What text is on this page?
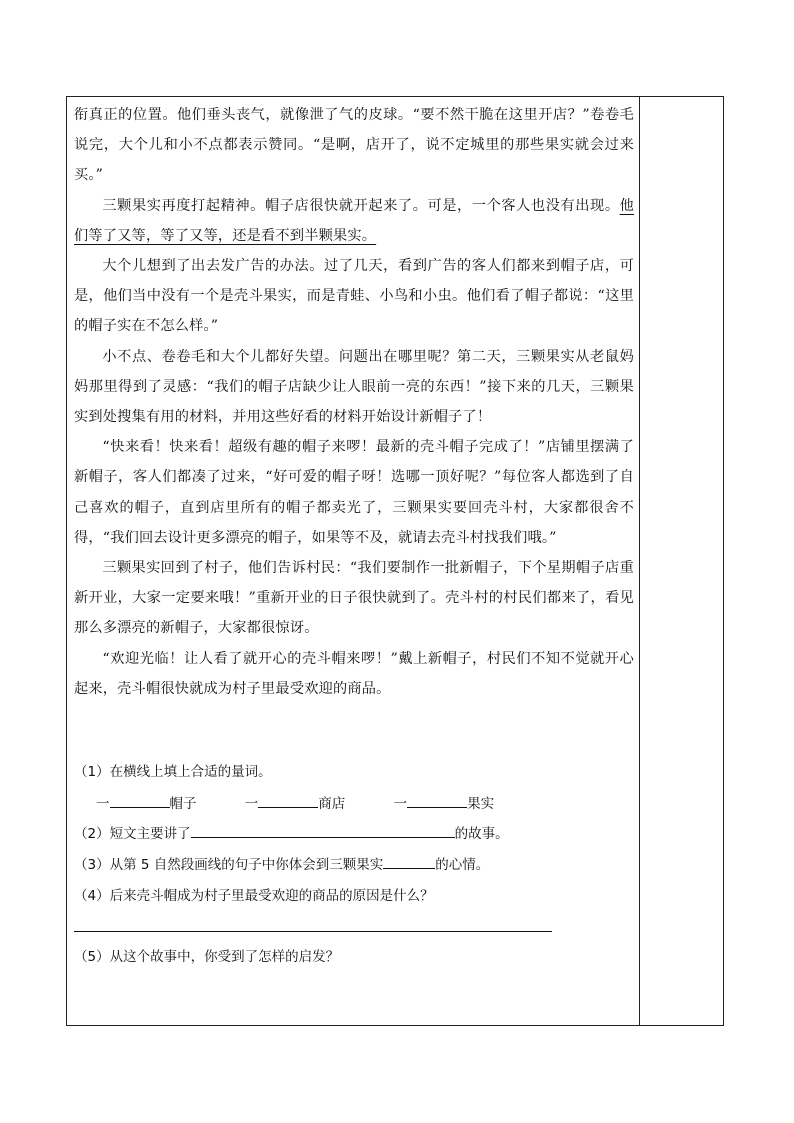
衔真正的位置。他们垂头丧气，就像泄了气的皮球。“要不然干脆在这里开店？”卷卷毛说完，大个儿和小不点都表示赞同。“是啊，店开了，说不定城里的那些果实就会过来买。”

三颗果实再度打起精神。帽子店很快就开起来了。可是，一个客人也没有出现。他们等了又等，等了又等，还是看不到半颗果实。

大个儿想到了出去发广告的办法。过了几天，看到广告的客人们都来到帽子店，可是，他们当中没有一个是壳斗果实，而是青蛙、小鸟和小虫。他们看了帽子都说：“这里的帽子实在不怎么样。”

小不点、卷卷毛和大个儿都好失望。问题出在哪里呢？第二天，三颗果实从老鼠妈妈那里得到了灵感：“我们的帽子店缺少让人眼前一亮的东西！”接下来的几天，三颗果实到处搜集有用的材料，并用这些好看的材料开始设计新帽子了！

“快来看！快来看！超级有趣的帽子来啰！最新的壳斗帽子完成了！”店铺里摆满了新帽子，客人们都凑了过来，“好可爱的帽子呀！选哪一顶好呢？”每位客人都选到了自己喜欢的帽子，直到店里所有的帽子都卖光了，三颗果实要回壳斗村，大家都很舍不得，“我们回去设计更多漂亮的帽子，如果等不及，就请去壳斗村找我们哦。”

三颗果实回到了村子，他们告诉村民：“我们要制作一批新帽子，下个星期帽子店重新开业，大家一定要来哦！”重新开业的日子很快就到了。壳斗村的村民们都来了，看见那么多漂亮的新帽子，大家都很惊讶。

“欢迎光临！让人看了就开心的壳斗帽来啰！”戴上新帽子，村民们不知不觉就开心起来，壳斗帽很快就成为村子里最受欢迎的商品。

（1）在横线上填上合适的量词。

一	帽子	一	商店	一	果实

（2）短文主要讲了	的故事。

（3）从第 5 自然段画线的句子中你体会到三颗果实	的心情。

（4）后来壳斗帽成为村子里最受欢迎的商品的原因是什么？

（5）从这个故事中，你受到了怎样的启发？
